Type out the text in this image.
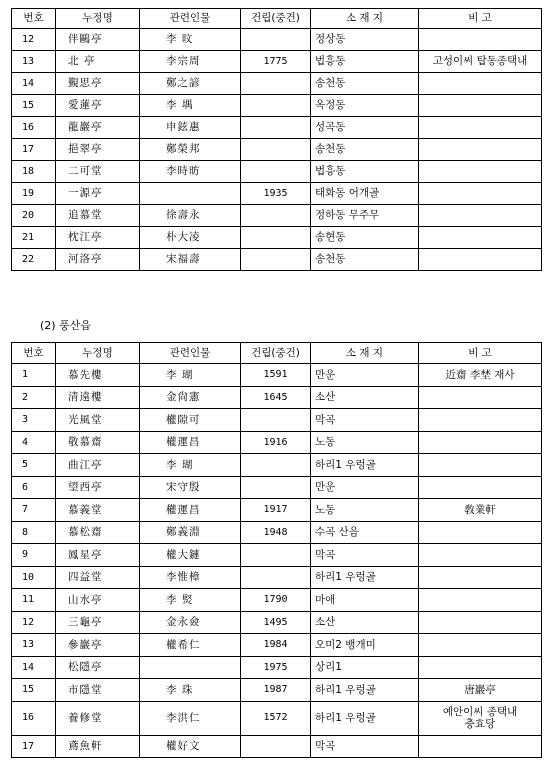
번호	누정명	관련인물	건립(중건)	소 재 지	비 고
12	伴鷗亭	李 旼		정상동	
13	北 亭	李宗周	1775	법흥동	고성이씨 탑동종택내
14	覲思亭	鄭之諺		송천동	
15	愛蓮亭	李 堣		옥정동	
16	龍巖亭	申鉉惠		성곡동	
17	挹翠亭	鄭榮邦		송천동	
18	二可堂	李時昉		법흥동	
19	一源亭		1935	태화동 어개골	
20	追慕堂	徐壽永		정하동 무주무	
21	枕江亭	朴大凌		송현동	
22	河洛亭	宋福壽		송천동	

(2) 풍산읍

번호	누정명	관련인물	건립(중건)	소 재 지	비 고
1	慕先樓	李 瑚	1591	만운	近齋 李埜 재사
2	清遠樓	金尙憲	1645	소산	
3	光風堂	權隙可		막곡	
4	敬慕齋	權運昌	1916	노동	
5	曲江亭	李 瑚		하리1 우렁골	
6	望西亭	宋守殷		만운	
7	慕義堂	權運昌	1917	노동	敎業軒
8	慕松齋	鄭義淵	1948	수곡 산음	
9	鳳星亭	權大鏈		막곡	
10	四益堂	李惟樟		하리1 우렁골	
11	山水亭	李 㷂	1790	마애	
12	三龜亭	金永僉	1495	소산	
13	參巖亭	權希仁	1984	오미2 뱅개미	
14	松隱亭		1975	상리1	
15	市隱堂	李 珠	1987	하리1 우렁골	唐巖亭
16	養修堂	李洪仁	1572	하리1 우렁골	예안이씨 종택내
충효당
17	鳶魚軒	權好文		막곡	
